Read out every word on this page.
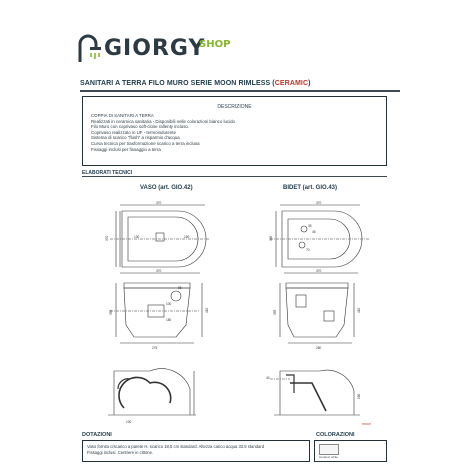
GIORGY
SHOP
SANITARI A TERRA FILO MURO SERIE MOON RIMLESS (CERAMIC)
DESCRIZIONE
COPPIA DI SANITARI A TERRA
Realizzati in ceramica sanitaria - Disponibili nelle colorazioni bianco lucido
Filo Muro con coprivaso soft-close rallenty incluso.
Coprivaso realizzato in UF - termoindurente
Sistema di scarico "flush" a risparmio d'acqua
Curva tecnica per trasformazione scarico a terra inclusa
Fissaggi inclusi per fissaggio a terra
ELABORATI TECNICI
VASO (art. GIO.42)	BIDET (art. GIO.43)
370
370	130	150
370
55
100
180
355	410
275
100
370
365
35
45
70
370
355	410
280
180
40
moon
DOTAZIONI	COLORAZIONI
Vaso fornito c/scarico a parete H. scarico 18,5 cm standard. Altezza carico acqua 33.5 standard
Fissaggi inclusi. Centrere in cittone.
Ceramic white
